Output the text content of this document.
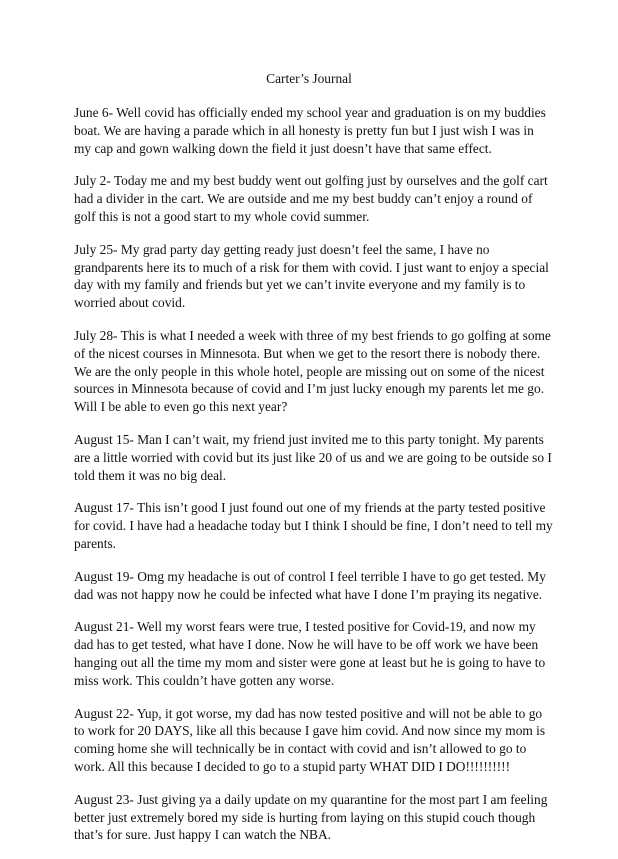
Carter’s Journal

June 6- Well covid has officially ended my school year and graduation is on my buddies boat. We are having a parade which in all honesty is pretty fun but I just wish I was in my cap and gown walking down the field it just doesn’t have that same effect.

July 2- Today me and my best buddy went out golfing just by ourselves and the golf cart had a divider in the cart. We are outside and me my best buddy can’t enjoy a round of golf this is not a good start to my whole covid summer.

July 25- My grad party day getting ready just doesn’t feel the same, I have no grandparents here its to much of a risk for them with covid. I just want to enjoy a special day with my family and friends but yet we can’t invite everyone and my family is to worried about covid.

July 28- This is what I needed a week with three of my best friends to go golfing at some of the nicest courses in Minnesota. But when we get to the resort there is nobody there. We are the only people in this whole hotel, people are missing out on some of the nicest sources in Minnesota because of covid and I’m just lucky enough my parents let me go. Will I be able to even go this next year?

August 15- Man I can’t wait, my friend just invited me to this party tonight. My parents are a little worried with covid but its just like 20 of us and we are going to be outside so I told them it was no big deal.

August 17- This isn’t good I just found out one of my friends at the party tested positive for covid. I have had a headache today but I think I should be fine, I don’t need to tell my parents.

August 19- Omg my headache is out of control I feel terrible I have to go get tested. My dad was not happy now he could be infected what have I done I’m praying its negative.

August 21- Well my worst fears were true, I tested positive for Covid-19, and now my dad has to get tested, what have I done. Now he will have to be off work we have been hanging out all the time my mom and sister were gone at least but he is going to have to miss work. This couldn’t have gotten any worse.

August 22- Yup, it got worse, my dad has now tested positive and will not be able to go to work for 20 DAYS, like all this because I gave him covid. And now since my mom is coming home she will technically be in contact with covid and isn’t allowed to go to work. All this because I decided to go to a stupid party WHAT DID I DO!!!!!!!!!!

August 23- Just giving ya a daily update on my quarantine for the most part I am feeling better just extremely bored my side is hurting from laying on this stupid couch though that’s for sure. Just happy I can watch the NBA.
